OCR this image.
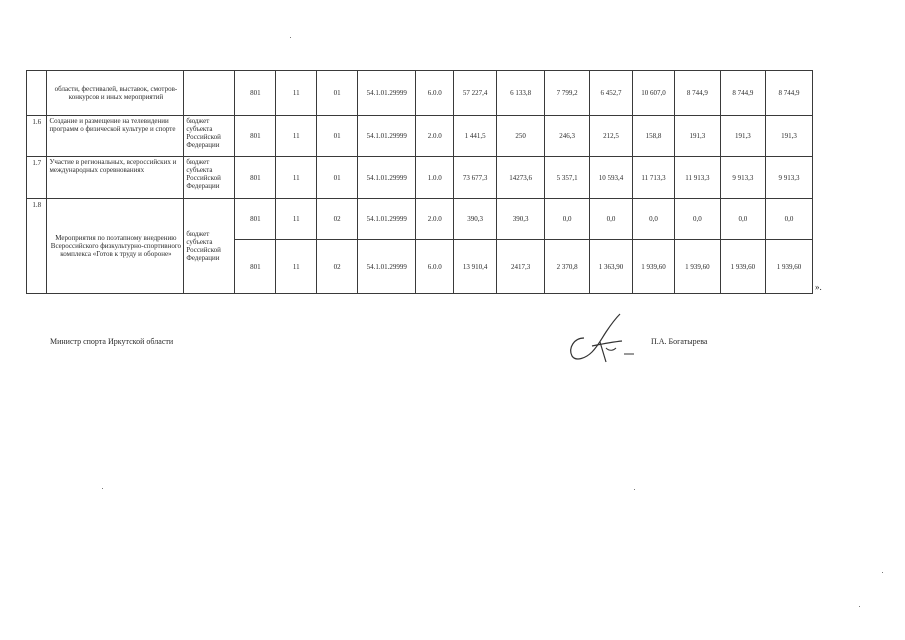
	области, фестивалей, выставок, смотров-конкурсов и иных мероприятий		801	11	01	54.1.01.29999	6.0.0	57 227,4	6 133,8	7 799,2	6 452,7	10 607,0	8 744,9	8 744,9	8 744,9
1.6	Создание и размещение на телевидении программ о физической культуре и спорте	бюджет субъекта Российской Федерации	801	11	01	54.1.01.29999	2.0.0	1 441,5	250	246,3	212,5	158,8	191,3	191,3	191,3
1.7	Участие в региональных, всероссийских и международных соревнованиях	бюджет субъекта Российской Федерации	801	11	01	54.1.01.29999	1.0.0	73 677,3	14273,6	5 357,1	10 593,4	11 713,3	11 913,3	9 913,3	9 913,3
1.8	Мероприятия по поэтапному внедрению Всероссийского физкультурно-спортивного комплекса «Готов к труду и обороне»	бюджет субъекта Российской Федерации	801	11	02	54.1.01.29999	2.0.0	390,3	390,3	0,0	0,0	0,0	0,0	0,0	0,0
			801	11	02	54.1.01.29999	6.0.0	13 910,4	2417,3	2 370,8	1 363,90	1 939,60	1 939,60	1 939,60	1 939,60
».
Министр спорта Иркутской области	П.А. Богатырева
